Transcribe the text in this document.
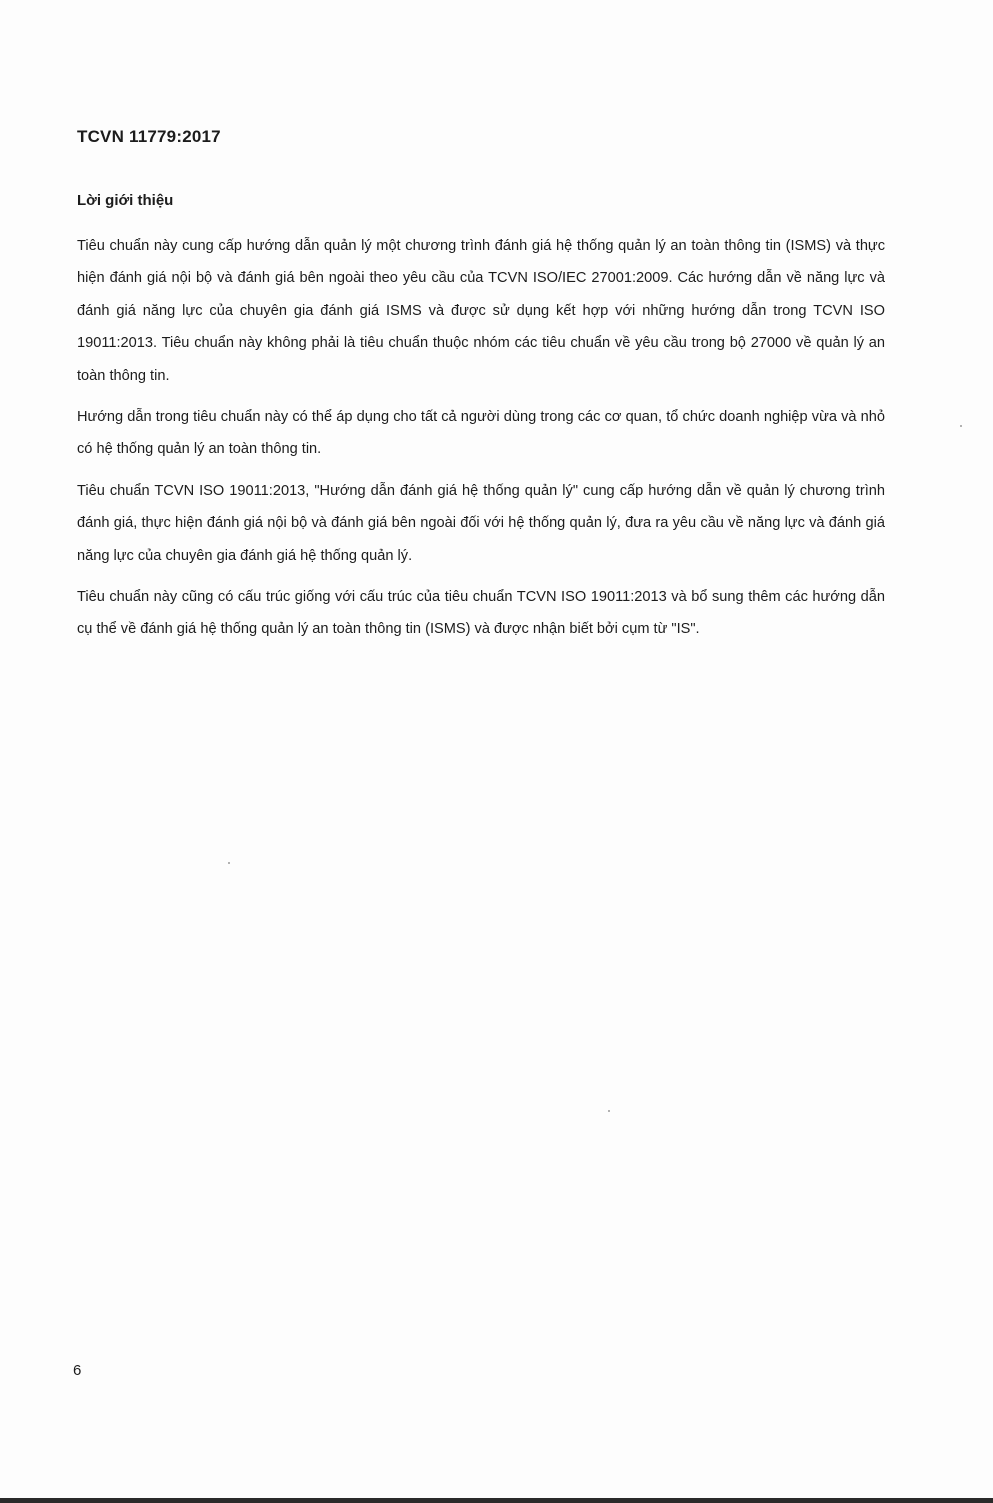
TCVN 11779:2017
Lời giới thiệu

Tiêu chuẩn này cung cấp hướng dẫn quản lý một chương trình đánh giá hệ thống quản lý an toàn thông tin (ISMS) và thực hiện đánh giá nội bộ và đánh giá bên ngoài theo yêu cầu của TCVN ISO/IEC 27001:2009. Các hướng dẫn về năng lực và đánh giá năng lực của chuyên gia đánh giá ISMS và được sử dụng kết hợp với những hướng dẫn trong TCVN ISO 19011:2013. Tiêu chuẩn này không phải là tiêu chuẩn thuộc nhóm các tiêu chuẩn về yêu cầu trong bộ 27000 về quản lý an toàn thông tin.

Hướng dẫn trong tiêu chuẩn này có thể áp dụng cho tất cả người dùng trong các cơ quan, tổ chức doanh nghiệp vừa và nhỏ có hệ thống quản lý an toàn thông tin.

Tiêu chuẩn TCVN ISO 19011:2013, "Hướng dẫn đánh giá hệ thống quản lý" cung cấp hướng dẫn về quản lý chương trình đánh giá, thực hiện đánh giá nội bộ và đánh giá bên ngoài đối với hệ thống quản lý, đưa ra yêu cầu về năng lực và đánh giá năng lực của chuyên gia đánh giá hệ thống quản lý.

Tiêu chuẩn này cũng có cấu trúc giống với cấu trúc của tiêu chuẩn TCVN ISO 19011:2013 và bổ sung thêm các hướng dẫn cụ thể về đánh giá hệ thống quản lý an toàn thông tin (ISMS) và được nhận biết bởi cụm từ "IS".

6
